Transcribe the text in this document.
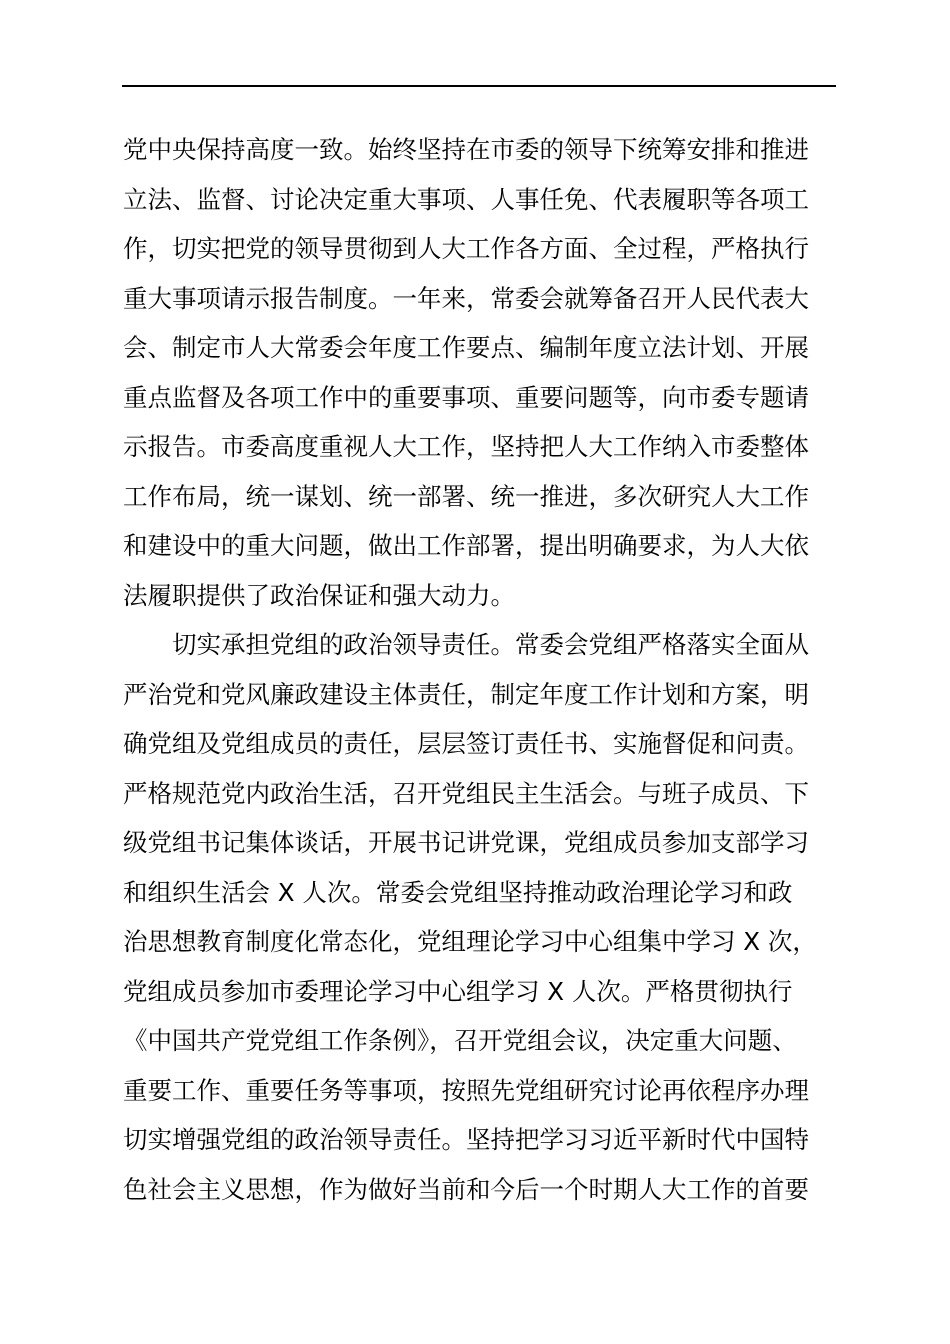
党中央保持高度一致。始终坚持在市委的领导下统筹安排和推进
立法、监督、讨论决定重大事项、人事任免、代表履职等各项工
作，切实把党的领导贯彻到人大工作各方面、全过程，严格执行
重大事项请示报告制度。一年来，常委会就筹备召开人民代表大
会、制定市人大常委会年度工作要点、编制年度立法计划、开展
重点监督及各项工作中的重要事项、重要问题等，向市委专题请
示报告。市委高度重视人大工作，坚持把人大工作纳入市委整体
工作布局，统一谋划、统一部署、统一推进，多次研究人大工作
和建设中的重大问题，做出工作部署，提出明确要求，为人大依
法履职提供了政治保证和强大动力。
切实承担党组的政治领导责任。常委会党组严格落实全面从
严治党和党风廉政建设主体责任，制定年度工作计划和方案，明
确党组及党组成员的责任，层层签订责任书、实施督促和问责。
严格规范党内政治生活，召开党组民主生活会。与班子成员、下
级党组书记集体谈话，开展书记讲党课，党组成员参加支部学习
和组织生活会 X 人次。常委会党组坚持推动政治理论学习和政
治思想教育制度化常态化，党组理论学习中心组集中学习 X 次，
党组成员参加市委理论学习中心组学习 X 人次。严格贯彻执行
《中国共产党党组工作条例》，召开党组会议，决定重大问题、
重要工作、重要任务等事项，按照先党组研究讨论再依程序办理
切实增强党组的政治领导责任。坚持把学习习近平新时代中国特
色社会主义思想，作为做好当前和今后一个时期人大工作的首要
